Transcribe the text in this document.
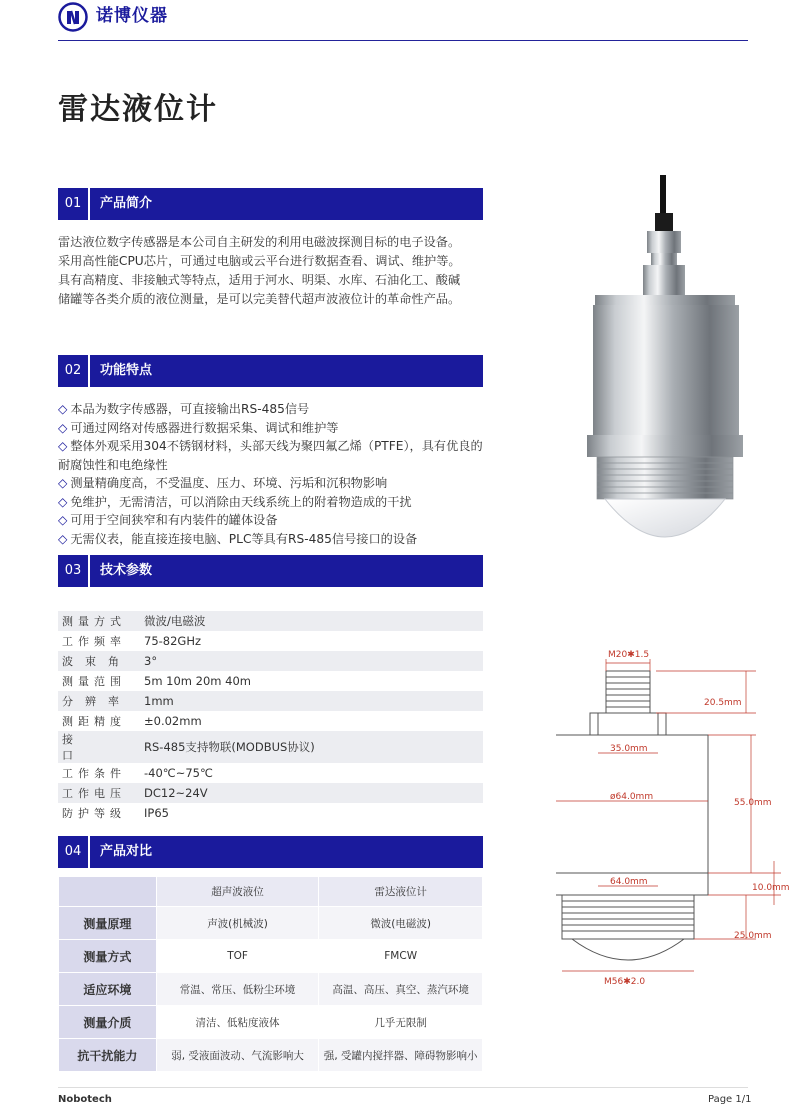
诺博仪器
雷达液位计
01	产品简介
雷达液位数字传感器是本公司自主研发的利用电磁波探测目标的电子设备。
采用高性能CPU芯片，可通过电脑或云平台进行数据查看、调试、维护等。
具有高精度、非接触式等特点，适用于河水、明渠、水库、石油化工、酸碱
储罐等各类介质的液位测量，是可以完美替代超声波液位计的革命性产品。
02	功能特点
◇ 本品为数字传感器，可直接输出RS-485信号
◇ 可通过网络对传感器进行数据采集、调试和维护等
◇ 整体外观采用304不锈钢材料，头部天线为聚四氟乙烯（PTFE），具有优良的耐腐蚀性和电绝缘性
◇ 测量精确度高，不受温度、压力、环境、污垢和沉积物影响
◇ 免维护，无需清洁，可以消除由天线系统上的附着物造成的干扰
◇ 可用于空间狭窄和有内装件的罐体设备
◇ 无需仪表，能直接连接电脑、PLC等具有RS-485信号接口的设备
03	技术参数
测量方式	微波/电磁波
工作频率	75-82GHz
波束角	3°
测量范围	5m 10m 20m 40m
分辨率	1mm
测距精度	±0.02mm
接口	RS-485支持物联(MODBUS协议)
工作条件	-40℃~75℃
工作电压	DC12~24V
防护等级	IP65
04	产品对比
	超声波液位	雷达液位计
测量原理	声波(机械波)	微波(电磁波)
测量方式	TOF	FMCW
适应环境	常温、常压、低粉尘环境	高温、高压、真空、蒸汽环境
测量介质	清洁、低粘度液体	几乎无限制
抗干扰能力	弱, 受液面波动、气流影响大	强, 受罐内搅拌器、障碍物影响小
M20✱1.5
20.5mm
35.0mm
ø64.0mm
55.0mm
64.0mm
10.0mm
25.0mm
M56✱2.0
Nobotech	Page 1/1
